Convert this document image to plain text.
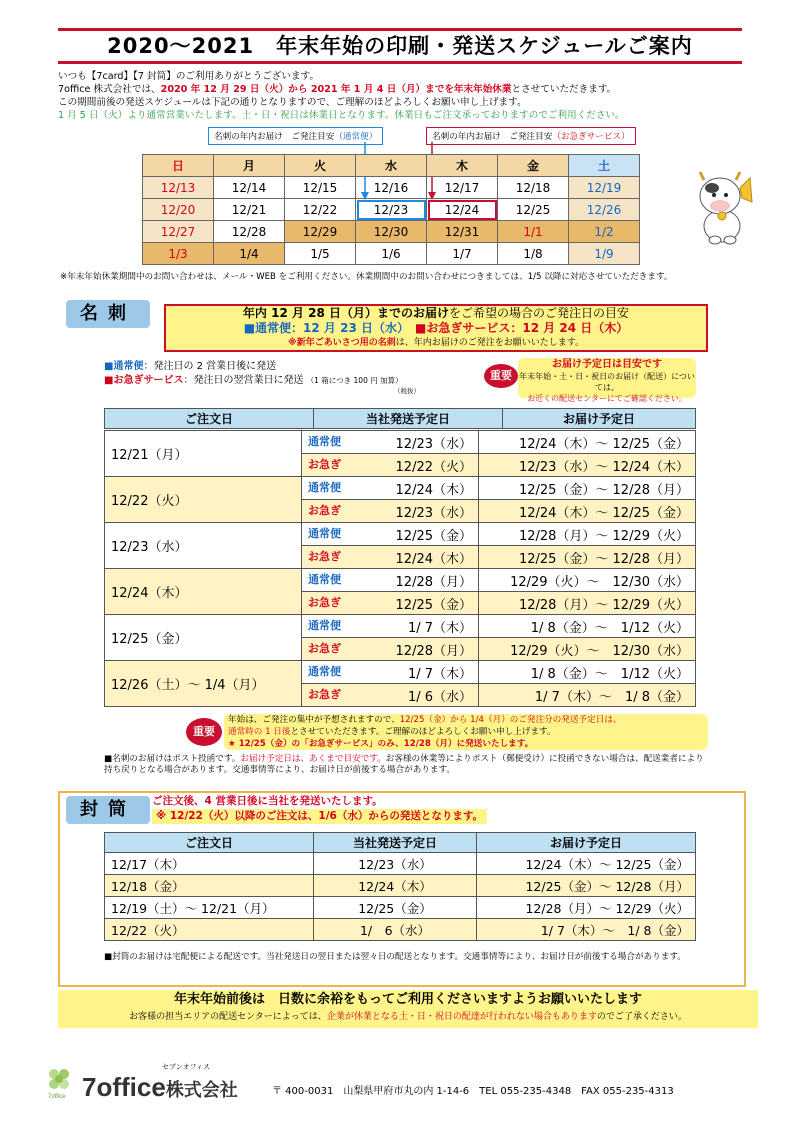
2020～2021　年末年始の印刷・発送スケジュールご案内
いつも【7card】【7 封筒】のご利用ありがとうございます。
7office 株式会社では、2020 年 12 月 29 日（火）から 2021 年 1 月 4 日（月）までを年末年始休業とさせていただきます。
この期間前後の発送スケジュールは下記の通りとなりますので、ご理解のほどよろしくお願い申し上げます。
1 月 5 日（火）より通常営業いたします。土・日・祝日は休業日となります。休業日もご注文承っておりますのでご利用ください。
名刺の年内お届け　ご発注目安（通常便）	名刺の年内お届け　ご発注目安（お急ぎサービス）
日	月	火	水	木	金	土
12/13	12/14	12/15	12/16	12/17	12/18	12/19
12/20	12/21	12/22	12/23	12/24	12/25	12/26
12/27	12/28	12/29	12/30	12/31	1/1	1/2
1/3	1/4	1/5	1/6	1/7	1/8	1/9
※年末年始休業期間中のお問い合わせは、メール・WEB をご利用ください。休業期間中のお問い合わせにつきましては、1/5 以降に対応させていただきます。
名刺	年内 12 月 28 日（月）までのお届けをご希望の場合のご発注日の目安
■通常便：12 月 23 日（水）　 ■お急ぎサービス：12 月 24 日（木）
※新年ごあいさつ用の名刺は、年内お届けのご発注をお願いいたします。
■通常便：発注日の 2 営業日後に発送
■お急ぎサービス：発注日の翌営業日に発送 （1 箱につき 100 円 加算）
（税抜）
重要
お届け予定日は目安です
年末年始・土・日・祝日のお届け（配送）については、
お近くの配送センターにてご確認ください。
ご注文日	当社発送予定日	お届け予定日
12/21（月）	通常便 12/23（水）	12/24（木）～ 12/25（金）
	お急ぎ 12/22（火）	12/23（水）～ 12/24（木）
12/22（火）	通常便 12/24（木）	12/25（金）～ 12/28（月）
	お急ぎ 12/23（水）	12/24（木）～ 12/25（金）
12/23（水）	通常便 12/25（金）	12/28（月）～ 12/29（火）
	お急ぎ 12/24（木）	12/25（金）～ 12/28（月）
12/24（木）	通常便 12/28（月）	12/29（火）～　12/30（水）
	お急ぎ 12/25（金）	12/28（月）～ 12/29（火）
12/25（金）	通常便 1/ 7（木）	1/ 8（金）～　1/12（火）
	お急ぎ 12/28（月）	12/29（火）～　12/30（水）
12/26（土）～ 1/4（月）	通常便 1/ 7（木）	1/ 8（金）～　1/12（火）
	お急ぎ 1/ 6（水）	1/ 7（木）～　1/ 8（金）
重要
年始は、ご発注の集中が予想されますので、12/25（金）から 1/4（月）のご発注分の発送予定日は、
通常時の 1 日後とさせていただきます。ご理解のほどよろしくお願い申し上げます。
★ 12/25（金）の「お急ぎサービス」のみ、12/28（月）に発送いたします。
■名刺のお届けはポスト投函です。お届け予定日は、あくまで目安です。お客様の休業等によりポスト（郵便受け）に投函できない場合は、配送業者により持ち戻りとなる場合があります。交通事情等により、お届け日が前後する場合があります。
封筒	ご注文後、4 営業日後に当社を発送いたします。
※ 12/22（火）以降のご注文は、1/6（水）からの発送となります。
ご注文日	当社発送予定日	お届け予定日
12/17（木）	12/23（水）	12/24（木）～ 12/25（金）
12/18（金）	12/24（木）	12/25（金）～ 12/28（月）
12/19（土）～ 12/21（月）	12/25（金）	12/28（月）～ 12/29（火）
12/22（火）	1/　6（水）	1/ 7（木）～　1/ 8（金）
■封筒のお届けは宅配便による配送です。当社発送日の翌日または翌々日の配送となります。交通事情等により、お届け日が前後する場合があります。
年末年始前後は　日数に余裕をもってご利用くださいますようお願いいたします
お客様の担当エリアの配送センターによっては、企業が休業となる土・日・祝日の配達が行われない場合もありますのでご了承ください。
7office
セブンオフィス
7office株式会社	〒 400-0031　山梨県甲府市丸の内 1-14-6　TEL 055-235-4348　FAX 055-235-4313
